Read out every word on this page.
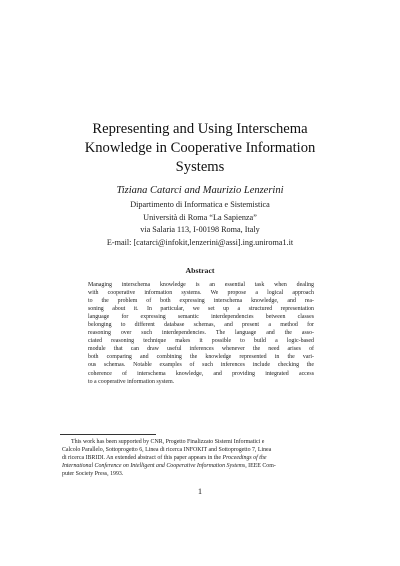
Representing and Using Interschema
Knowledge in Cooperative Information
Systems
Tiziana Catarci and Maurizio Lenzerini
Dipartimento di Informatica e Sistemistica
Università di Roma “La Sapienza”
via Salaria 113, I-00198 Roma, Italy
E-mail: [catarci@infokit,lenzerini@assi].ing.uniroma1.it
Abstract
Managing interschema knowledge is an essential task when dealing
with cooperative information systems. We propose a logical approach
to the problem of both expressing interschema knowledge, and rea-
soning about it. In particular, we set up a structured representation
language for expressing semantic interdependencies between classes
belonging to different database schemas, and present a method for
reasoning over such interdependencies. The language and the asso-
ciated reasoning technique makes it possible to build a logic-based
module that can draw useful inferences whenever the need arises of
both comparing and combining the knowledge represented in the vari-
ous schemas. Notable examples of such inferences include checking the
coherence of interschema knowledge, and providing integrated access
to a cooperative information system.
This work has been supported by CNR, Progetto Finalizzato Sistemi Informatici e
Calcolo Parallelo, Sottoprogetto 6, Linea di ricerca INFOKIT and Sottoprogetto 7, Linea
di ricerca IBRIDI. An extended abstract of this paper appears in the Proceedings of the
International Conference on Intelligent and Cooperative Information Systems, IEEE Com-
puter Society Press, 1993.
1
